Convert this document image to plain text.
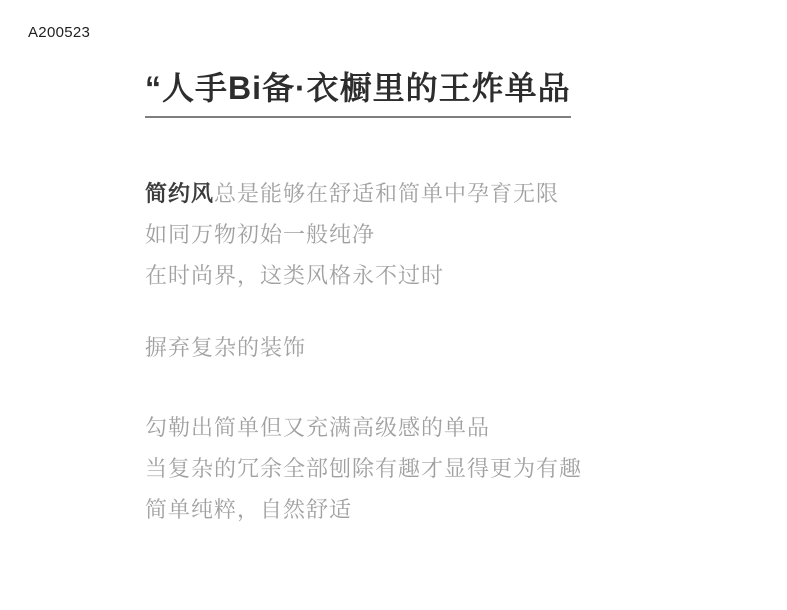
A200523
“人手Bi备·衣橱里的王炸单品

简约风总是能够在舒适和简单中孕育无限
如同万物初始一般纯净
在时尚界，这类风格永不过时

摒弃复杂的装饰

勾勒出简单但又充满高级感的单品
当复杂的冗余全部刨除有趣才显得更为有趣
简单纯粹，自然舒适
